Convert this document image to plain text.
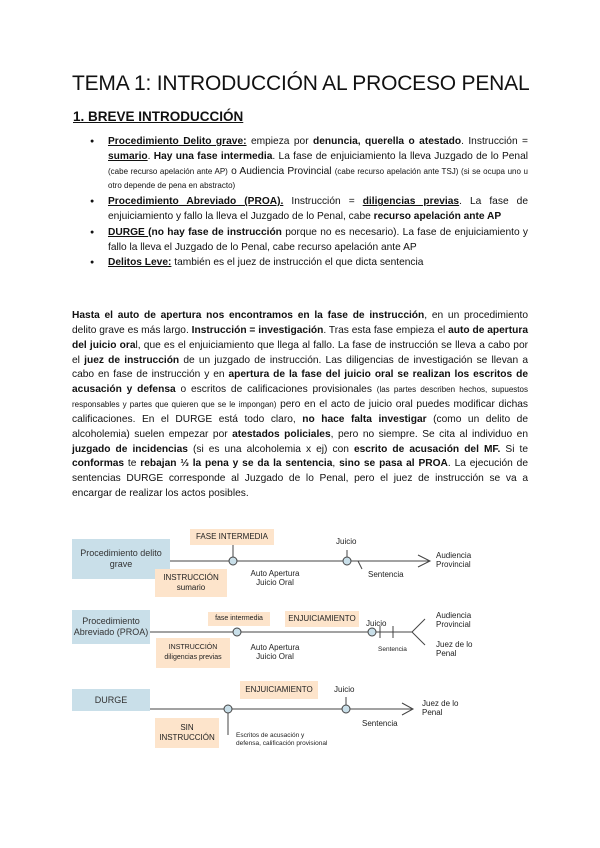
TEMA 1: INTRODUCCIÓN AL PROCESO PENAL
1. BREVE INTRODUCCIÓN
● Procedimiento Delito grave: empieza por denuncia, querella o atestado. Instrucción = sumario. Hay una fase intermedia. La fase de enjuiciamiento la lleva Juzgado de lo Penal (cabe recurso apelación ante AP) o Audiencia Provincial (cabe recurso apelación ante TSJ) (si se ocupa uno u otro depende de pena en abstracto)
● Procedimiento Abreviado (PROA). Instrucción = diligencias previas. La fase de enjuiciamiento y fallo la lleva el Juzgado de lo Penal, cabe recurso apelación ante AP
● DURGE (no hay fase de instrucción porque no es necesario). La fase de enjuiciamiento y fallo la lleva el Juzgado de lo Penal, cabe recurso apelación ante AP
● Delitos Leve: también es el juez de instrucción el que dicta sentencia
Hasta el auto de apertura nos encontramos en la fase de instrucción, en un procedimiento delito grave es más largo. Instrucción = investigación. Tras esta fase empieza el auto de apertura del juicio oral, que es el enjuiciamiento que llega al fallo. La fase de instrucción se lleva a cabo por el juez de instrucción de un juzgado de instrucción. Las diligencias de investigación se llevan a cabo en fase de instrucción y en apertura de la fase del juicio oral se realizan los escritos de acusación y defensa o escritos de calificaciones provisionales (las partes describen hechos, supuestos responsables y partes que quieren que se le impongan) pero en el acto de juicio oral puedes modificar dichas calificaciones. En el DURGE está todo claro, no hace falta investigar (como un delito de alcoholemia) suelen empezar por atestados policiales, pero no siempre. Se cita al individuo en juzgado de incidencias (si es una alcoholemia x ej) con escrito de acusación del MF. Si te conformas te rebajan ⅓ la pena y se da la sentencia, sino se pasa al PROA. La ejecución de sentencias DURGE corresponde al Juzgado de lo Penal, pero el juez de instrucción se va a encargar de realizar los actos posibles.
Procedimiento delito grave
FASE INTERMEDIA
INSTRUCCIÓN sumario
Juicio
Auto Apertura Juicio Oral
Sentencia
Audiencia Provincial
Procedimiento Abreviado (PROA)
fase intermedia	ENJUICIAMIENTO
Juicio
INSTRUCCIÓN diligencias previas
Auto Apertura Juicio Oral
Sentencia
Audiencia Provincial
Juez de lo Penal
DURGE
ENJUICIAMIENTO	Juicio
SIN INSTRUCCIÓN	Escritos de acusación y defensa, calificación provisional
Sentencia
Juez de lo Penal
